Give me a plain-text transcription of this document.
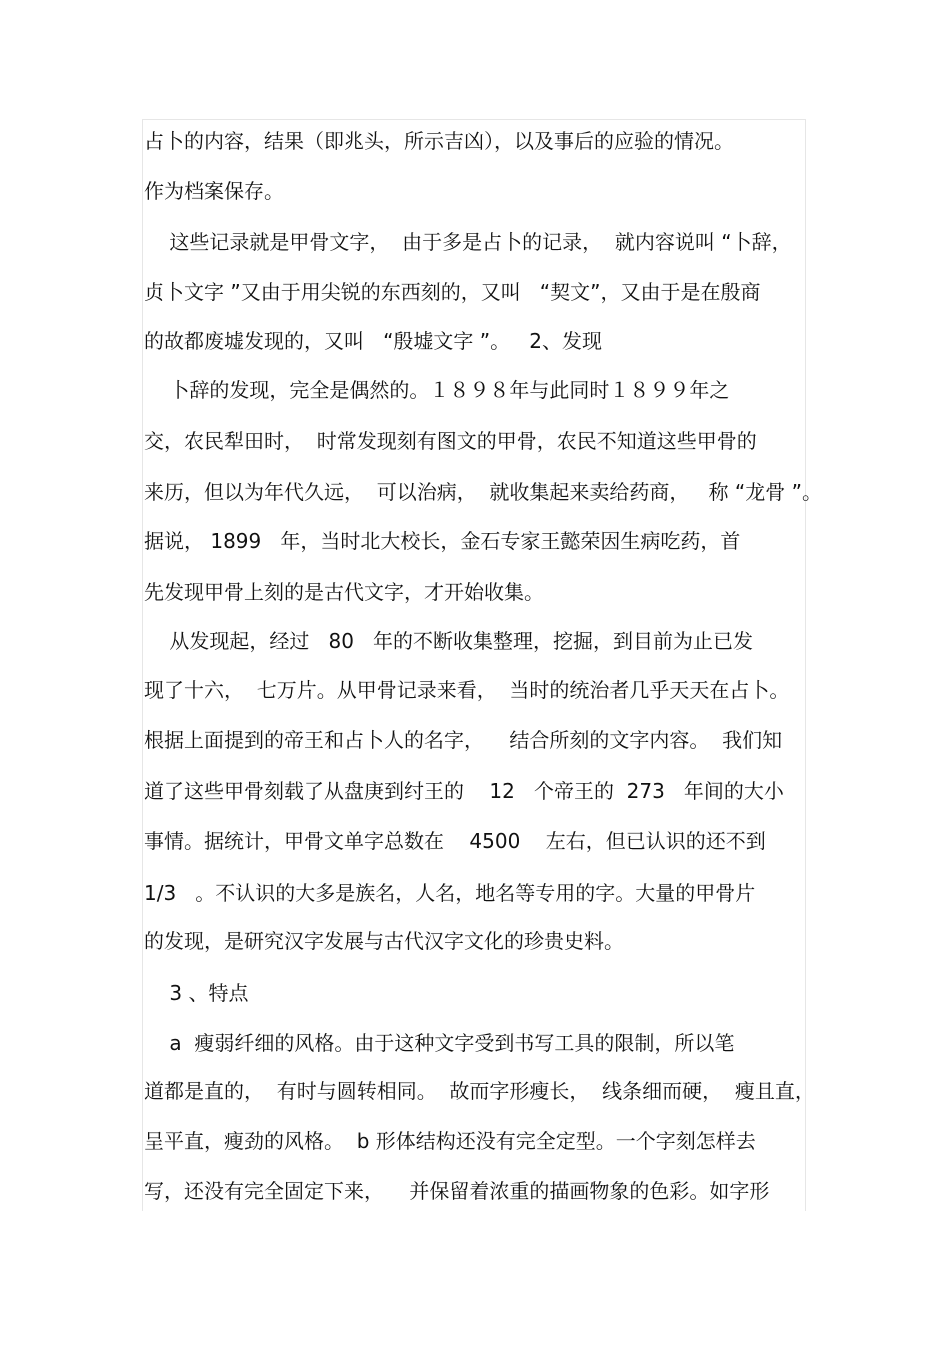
占卜的内容，结果（即兆头，所示吉凶），以及事后的应验的情况。
作为档案保存。
这些记录就是甲骨文字，  由于多是占卜的记录，  就内容说叫 “卜辞，
贞卜文字 ”又由于用尖锐的东西刻的，又叫   “契文”，又由于是在殷商
的故都废墟发现的，又叫   “殷墟文字 ”。   2、发现
卜辞的发现，完全是偶然的。１８９８年与此同时１８９９年之
交，农民犁田时，  时常发现刻有图文的甲骨，农民不知道这些甲骨的
来历，但以为年代久远，  可以治病，  就收集起来卖给药商，   称 “龙骨 ”。
据说， 1899   年，当时北大校长，金石专家王懿荣因生病吃药，首
先发现甲骨上刻的是古代文字，才开始收集。
从发现起，经过   80   年的不断收集整理，挖掘，到目前为止已发
现了十六，  七万片。从甲骨记录来看，  当时的统治者几乎天天在占卜。
根据上面提到的帝王和占卜人的名字，    结合所刻的文字内容。  我们知
道了这些甲骨刻载了从盘庚到纣王的    12   个帝王的  273   年间的大小
事情。据统计，甲骨文单字总数在    4500    左右，但已认识的还不到
1/3   。不认识的大多是族名，人名，地名等专用的字。大量的甲骨片
的发现，是研究汉字发展与古代汉字文化的珍贵史料。
3 、特点
a  瘦弱纤细的风格。由于这种文字受到书写工具的限制，所以笔
道都是直的，  有时与圆转相同。  故而字形瘦长，  线条细而硬，  瘦且直，
呈平直，瘦劲的风格。  b 形体结构还没有完全定型。一个字刻怎样去
写，还没有完全固定下来，    并保留着浓重的描画物象的色彩。如字形
